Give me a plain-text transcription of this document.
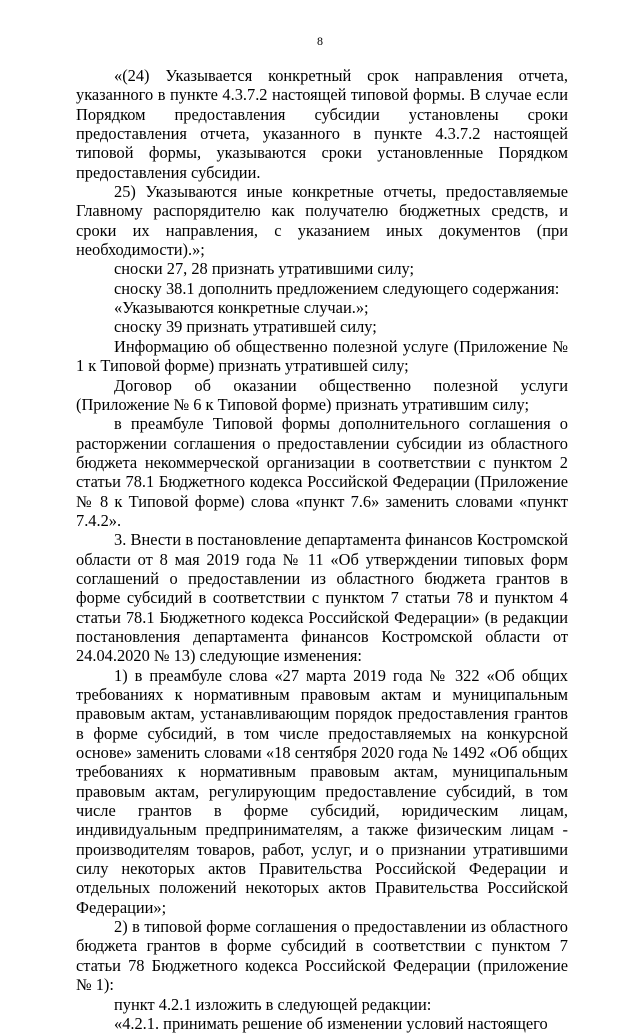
8

«(24) Указывается конкретный срок направления отчета, указанного в пункте 4.3.7.2 настоящей типовой формы. В случае если Порядком предоставления субсидии установлены сроки предоставления отчета, указанного в пункте 4.3.7.2 настоящей типовой формы, указываются сроки установленные Порядком предоставления субсидии.

25) Указываются иные конкретные отчеты, предоставляемые Главному распорядителю как получателю бюджетных средств, и сроки их направления, с указанием иных документов (при необходимости).»;

сноски 27, 28 признать утратившими силу;

сноску 38.1 дополнить предложением следующего содержания:

«Указываются конкретные случаи.»;

сноску 39 признать утратившей силу;

Информацию об общественно полезной услуге (Приложение № 1 к Типовой форме) признать утратившей силу;

Договор об оказании общественно полезной услуги (Приложение № 6 к Типовой форме) признать утратившим силу;

в преамбуле Типовой формы дополнительного соглашения о расторжении соглашения о предоставлении субсидии из областного бюджета некоммерческой организации в соответствии с пунктом 2 статьи 78.1 Бюджетного кодекса Российской Федерации (Приложение № 8 к Типовой форме) слова «пункт 7.6» заменить словами «пункт 7.4.2».

3. Внести в постановление департамента финансов Костромской области от 8 мая 2019 года № 11 «Об утверждении типовых форм соглашений о предоставлении из областного бюджета грантов в форме субсидий в соответствии с пунктом 7 статьи 78 и пунктом 4 статьи 78.1 Бюджетного кодекса Российской Федерации» (в редакции постановления департамента финансов Костромской области от 24.04.2020 № 13) следующие изменения:

1) в преамбуле слова «27 марта 2019 года № 322 «Об общих требованиях к нормативным правовым актам и муниципальным правовым актам, устанавливающим порядок предоставления грантов в форме субсидий, в том числе предоставляемых на конкурсной основе» заменить словами «18 сентября 2020 года № 1492 «Об общих требованиях к нормативным правовым актам, муниципальным правовым актам, регулирующим предоставление субсидий, в том числе грантов в форме субсидий, юридическим лицам, индивидуальным предпринимателям, а также физическим лицам - производителям товаров, работ, услуг, и о признании утратившими силу некоторых актов Правительства Российской Федерации и отдельных положений некоторых актов Правительства Российской Федерации»;

2) в типовой форме соглашения о предоставлении из областного бюджета грантов в форме субсидий в соответствии с пунктом 7 статьи 78 Бюджетного кодекса Российской Федерации (приложение № 1):

пункт 4.2.1 изложить в следующей редакции:

«4.2.1. принимать решение об изменении условий настоящего
